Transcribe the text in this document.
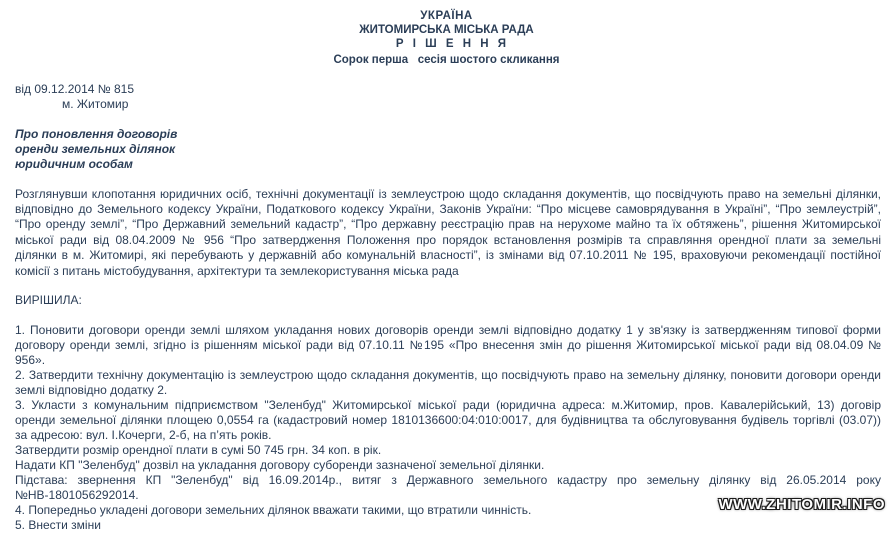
УКРАЇНА
ЖИТОМИРСЬКА МІСЬКА РАДА
Р І Ш Е Н Н Я
Сорок перша   сесія шостого скликання
від 09.12.2014 № 815
м. Житомир
Про поновлення договорів
оренди земельних ділянок
юридичним особам
Розглянувши клопотання юридичних осіб, технічні документації із землеустрою щодо складання документів, що посвідчують право на земельні ділянки,
відповідно до Земельного кодексу України, Податкового кодексу України, Законів України: “Про місцеве самоврядування в Україні”, “Про землеустрій”,
“Про оренду землі”, “Про Державний земельний кадастр”, “Про державну реєстрацію прав на нерухоме майно та їх обтяжень”, рішення Житомирської
міської ради від 08.04.2009 № 956 “Про затвердження Положення про порядок встановлення розмірів та справляння орендної плати за земельні
ділянки в м. Житомирі, які перебувають у державній або комунальній власності”, із змінами від 07.10.2011 № 195, враховуючи рекомендації постійної
комісії з питань містобудування, архітектури та землекористування міська рада
ВИРІШИЛА:
1. Поновити договори оренди землі шляхом укладання нових договорів оренди землі відповідно додатку 1 у зв'язку із затвердженням типової форми
договору оренди землі, згідно із рішенням міської ради від 07.10.11 №195 «Про внесення змін до рішення Житомирської міської ради від 08.04.09 №
956».
2. Затвердити технічну документацію із землеустрою щодо складання документів, що посвідчують право на земельну ділянку, поновити договори оренди
землі відповідно додатку 2.
3. Укласти з комунальним підприємством "Зеленбуд" Житомирської міської ради (юридична адреса: м.Житомир, пров. Кавалерійський, 13) договір
оренди земельної ділянки площею 0,0554 га (кадастровий номер 1810136600:04:010:0017, для будівництва та обслуговування будівель торгівлі (03.07))
за адресою: вул. І.Кочерги, 2-б, на п’ять років.
Затвердити розмір орендної плати в сумі 50 745 грн. 34 коп. в рік.
Надати КП "Зеленбуд" дозвіл на укладання договору суборенди зазначеної земельної ділянки.
Підстава: звернення КП "Зеленбуд" від 16.09.2014р., витяг з Державного земельного кадастру про земельну ділянку від 26.05.2014 року
№НВ-1801056292014.
4. Попередньо укладені договори земельних ділянок вважати такими, що втратили чинність.
5. Внести зміни
WWW.ZHITOMIR.INFO
